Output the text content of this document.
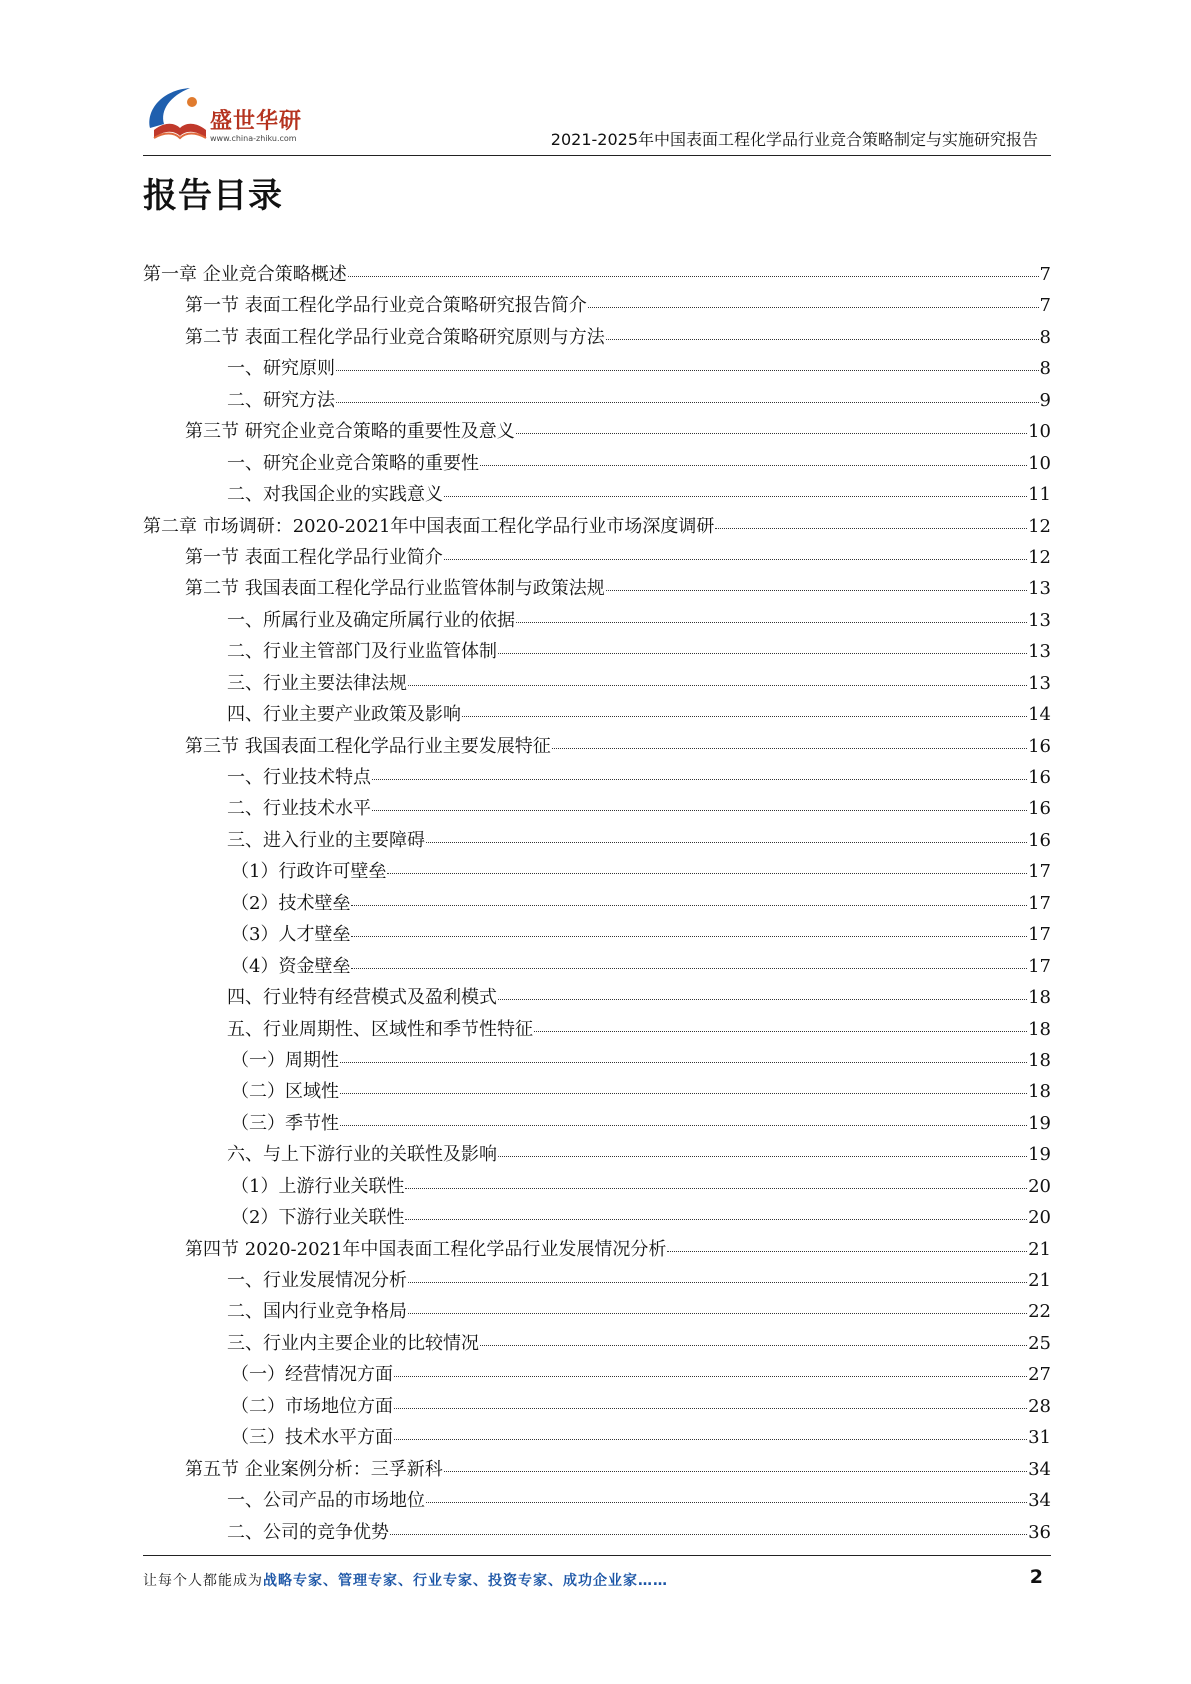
盛世华研
www.china-zhiku.com	2021-2025年中国表面工程化学品行业竞合策略制定与实施研究报告
报告目录
第一章 企业竞合策略概述	7
第一节 表面工程化学品行业竞合策略研究报告简介	7
第二节 表面工程化学品行业竞合策略研究原则与方法	8
一、研究原则	8
二、研究方法	9
第三节 研究企业竞合策略的重要性及意义	10
一、研究企业竞合策略的重要性	10
二、对我国企业的实践意义	11
第二章 市场调研：2020-2021年中国表面工程化学品行业市场深度调研	12
第一节 表面工程化学品行业简介	12
第二节 我国表面工程化学品行业监管体制与政策法规	13
一、所属行业及确定所属行业的依据	13
二、行业主管部门及行业监管体制	13
三、行业主要法律法规	13
四、行业主要产业政策及影响	14
第三节 我国表面工程化学品行业主要发展特征	16
一、行业技术特点	16
二、行业技术水平	16
三、进入行业的主要障碍	16
（1）行政许可壁垒	17
（2）技术壁垒	17
（3）人才壁垒	17
（4）资金壁垒	17
四、行业特有经营模式及盈利模式	18
五、行业周期性、区域性和季节性特征	18
（一）周期性	18
（二）区域性	18
（三）季节性	19
六、与上下游行业的关联性及影响	19
（1）上游行业关联性	20
（2）下游行业关联性	20
第四节 2020-2021年中国表面工程化学品行业发展情况分析	21
一、行业发展情况分析	21
二、国内行业竞争格局	22
三、行业内主要企业的比较情况	25
（一）经营情况方面	27
（二）市场地位方面	28
（三）技术水平方面	31
第五节 企业案例分析：三孚新科	34
一、公司产品的市场地位	34
二、公司的竞争优势	36
让每个人都能成为战略专家、管理专家、行业专家、投资专家、成功企业家……	2
